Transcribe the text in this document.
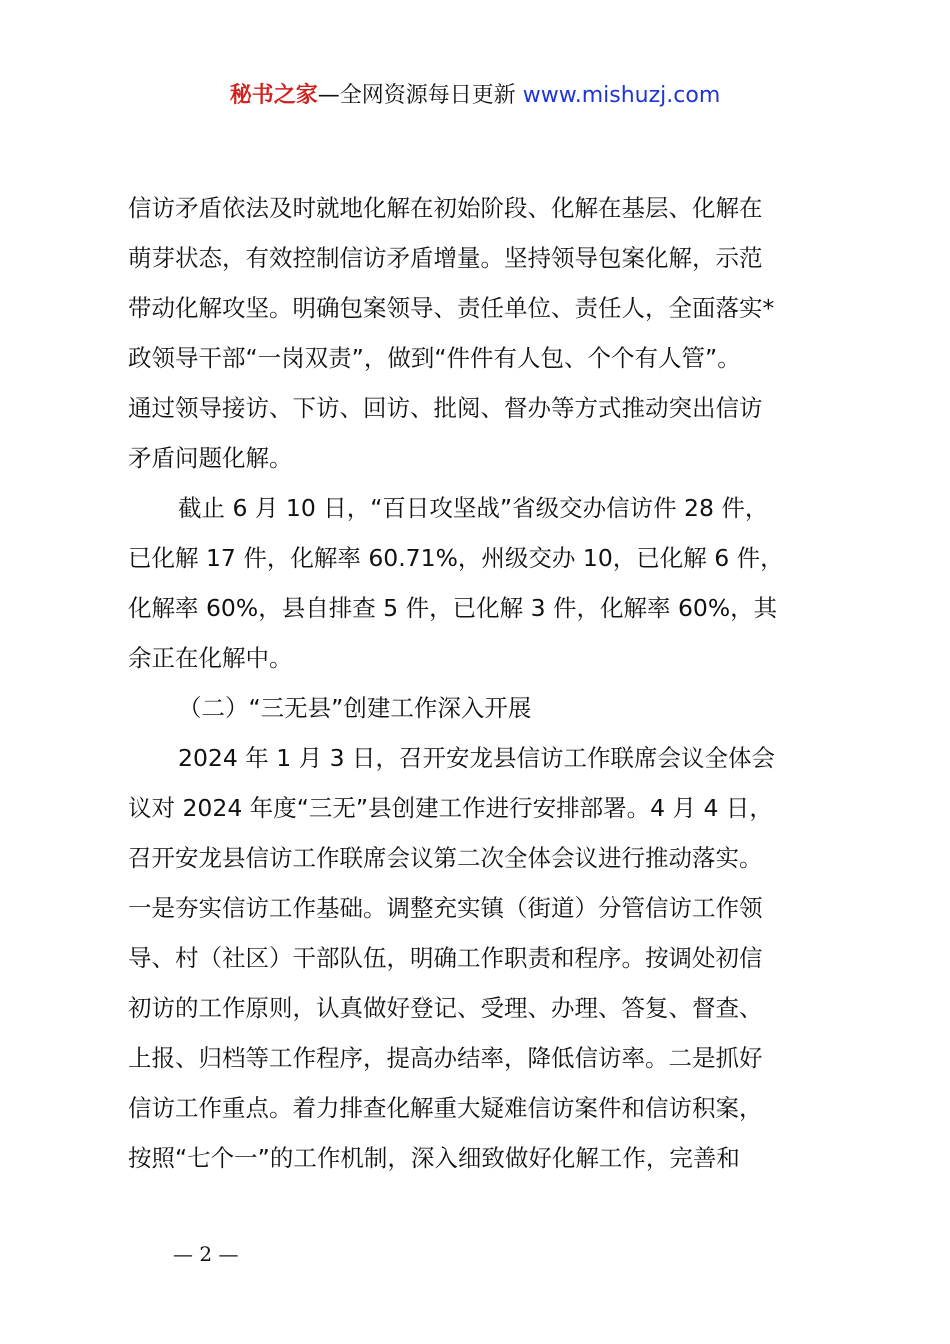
秘书之家—全网资源每日更新 www.mishuzj.com
信访矛盾依法及时就地化解在初始阶段、化解在基层、化解在
萌芽状态，有效控制信访矛盾增量。坚持领导包案化解，示范
带动化解攻坚。明确包案领导、责任单位、责任人，全面落实*
政领导干部“一岗双责”，做到“件件有人包、个个有人管”。
通过领导接访、下访、回访、批阅、督办等方式推动突出信访
矛盾问题化解。
截止 6 月 10 日，“百日攻坚战”省级交办信访件 28 件，
已化解 17 件，化解率 60.71%，州级交办 10，已化解 6 件，
化解率 60%，县自排查 5 件，已化解 3 件，化解率 60%，其
余正在化解中。
（二）“三无县”创建工作深入开展
2024 年 1 月 3 日，召开安龙县信访工作联席会议全体会
议对 2024 年度“三无”县创建工作进行安排部署。4 月 4 日，
召开安龙县信访工作联席会议第二次全体会议进行推动落实。
一是夯实信访工作基础。调整充实镇（街道）分管信访工作领
导、村（社区）干部队伍，明确工作职责和程序。按调处初信
初访的工作原则，认真做好登记、受理、办理、答复、督查、
上报、归档等工作程序，提高办结率，降低信访率。二是抓好
信访工作重点。着力排查化解重大疑难信访案件和信访积案，
按照“七个一”的工作机制，深入细致做好化解工作，完善和
— 2 —
